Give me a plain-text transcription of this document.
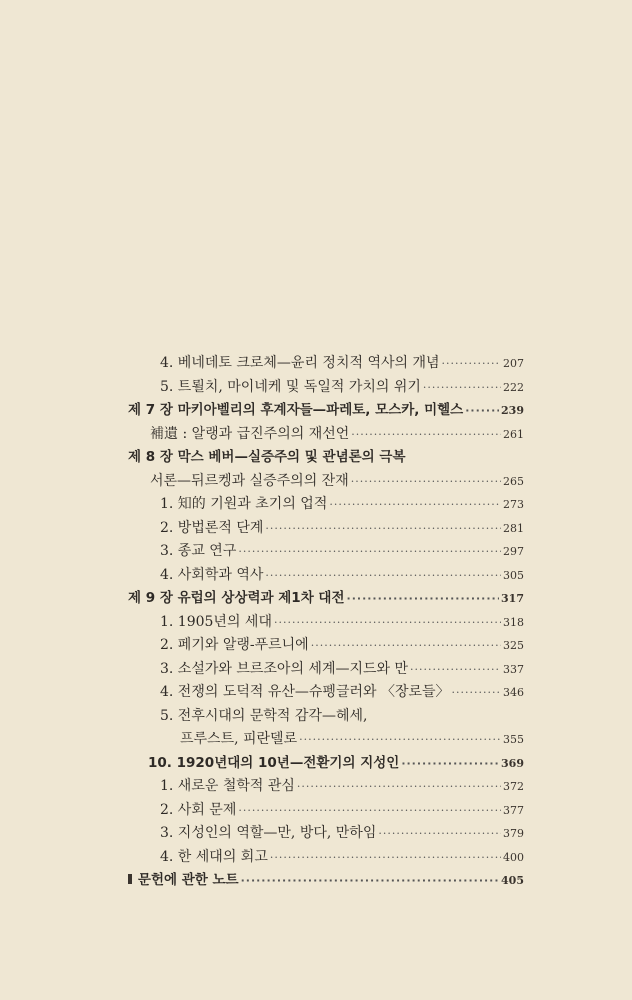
4. 베네데토 크로체—윤리 정치적 역사의 개념 ·····	207
5. 트뢸치, 마이네케 및 독일적 가치의 위기 ·····	222
제 7 장 마키아벨리의 후계자들—파레토, 모스카, 미헬스 ·····	239
補遺 : 알랭과 급진주의의 재선언 ·····	261
제 8 장 막스 베버—실증주의 및 관념론의 극복
서론—뒤르켕과 실증주의의 잔재 ·····	265
1. 知的 기원과 초기의 업적 ·····	273
2. 방법론적 단계 ·····	281
3. 종교 연구 ·····	297
4. 사회학과 역사 ·····	305
제 9 장 유럽의 상상력과 제1차 대전 ·····	317
1. 1905년의 세대 ·····	318
2. 페기와 알랭-푸르니에 ·····	325
3. 소설가와 브르조아의 세계—지드와 만 ·····	337
4. 전쟁의 도덕적 유산—슈펭글러와 〈장로들〉 ·····	346
5. 전후시대의 문학적 감각—헤세,
프루스트, 피란델로 ·····	355
10. 1920년대의 10년—전환기의 지성인 ·····	369
1. 새로운 철학적 관심 ·····	372
2. 사회 문제 ·····	377
3. 지성인의 역할—만, 방다, 만하임 ·····	379
4. 한 세대의 회고 ·····	400
문헌에 관한 노트 ·····	405
